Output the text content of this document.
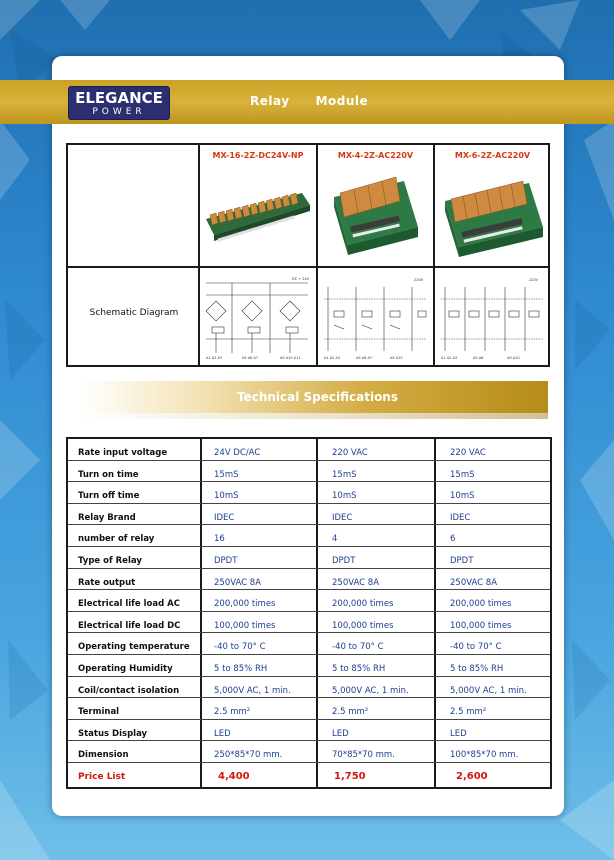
ELEGANCE
POWER
Relay   Module
MX-16-2Z-DC24V-NP	MX-4-2Z-AC220V	MX-6-2Z-AC220V
Schematic Diagram
DC + 24V
A1 A2 A3	A5 A6 A7	A9 A10 A11
220V
A1 A2 A3	A5 A6 A7	A9 A10
220V
A1 A2 A3	A5 A6	A9 A10
Technical Specifications
Rate input voltage	24V DC/AC	220 VAC	220 VAC
Turn on time	15mS	15mS	15mS
Turn off time	10mS	10mS	10mS
Relay Brand	IDEC	IDEC	IDEC
number of relay	16	4	6
Type of Relay	DPDT	DPDT	DPDT
Rate output	250VAC 8A	250VAC 8A	250VAC 8A
Electrical life load AC	200,000 times	200,000 times	200,000 times
Electrical life load DC	100,000 times	100,000 times	100,000 times
Operating temperature	-40 to 70° C	-40 to 70° C	-40 to 70° C
Operating Humidity	5 to 85% RH	5 to 85% RH	5 to 85% RH
Coil/contact isolation	5,000V AC, 1 min.	5,000V AC, 1 min.	5,000V AC, 1 min.
Terminal	2.5 mm²	2.5 mm²	2.5 mm²
Status Display	LED	LED	LED
Dimension	250*85*70 mm.	70*85*70 mm.	100*85*70 mm.
Price List	4,400	1,750	2,600
